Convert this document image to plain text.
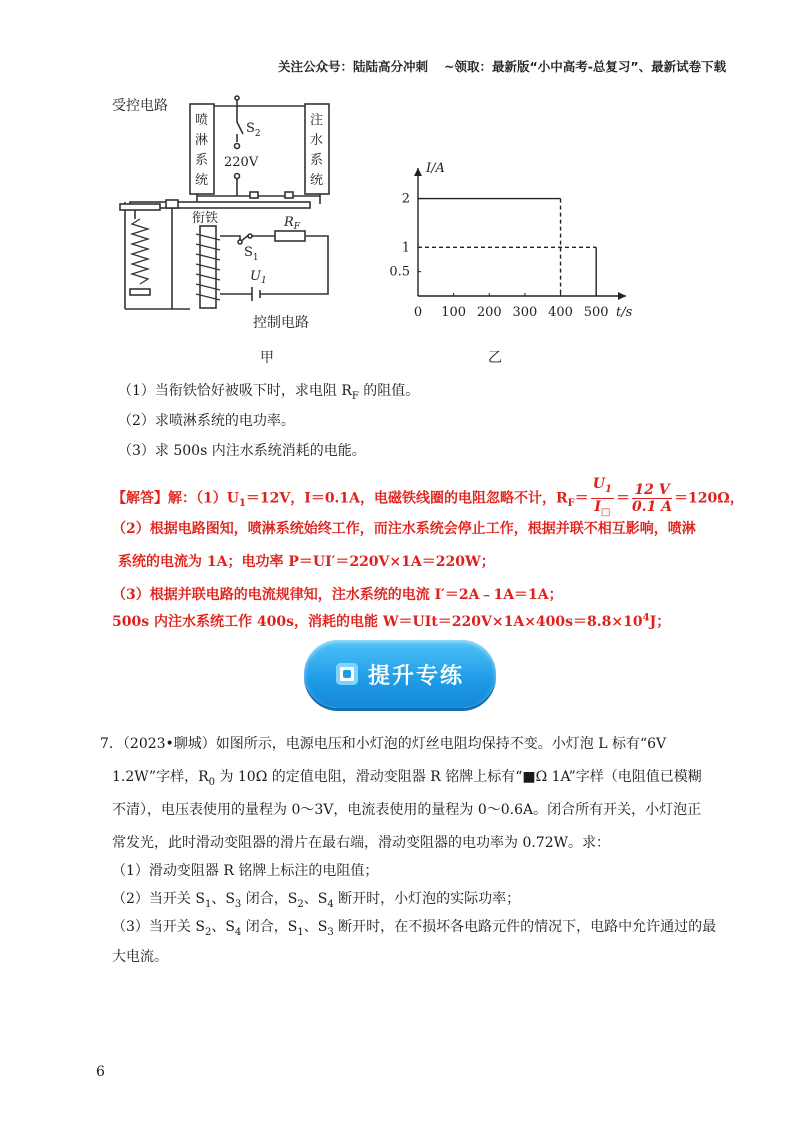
关注公众号：陆陆高分冲刺 ~领取：最新版“小中高考-总复习”、最新试卷下载
受控电路
喷
淋
系
统
注
水
系
统
$S_2$
220V
衔铁
$S_1$
$R_F$
$U_1$
控制电路
甲
I/A
t/s
0 100 200 300 400 500
0.5
1
2
乙
（1）当衔铁恰好被吸下时，求电阻 $R_F$ 的阻值。
（2）求喷淋系统的电功率。
（3）求 500s 内注水系统消耗的电能。
【解答】解：$(1)U_1=12V$，I＝0.1A，电磁铁线圈的电阻忽略不计，$R_F= \frac{U_1}{I_□} = \frac{12 V}{0.1 A} =120\Omega$，
（2）根据电路图知，喷淋系统始终工作，而注水系统会停止工作，根据并联不相互影响，喷淋
系统的电流为 1A；电功率 P＝UI′＝220V×1A＝220W；
（3）根据并联电路的电流规律知，注水系统的电流 I′＝2A﹣1A＝1A；
500s 内注水系统工作 400s，消耗的电能 $W=UIt=220V\times 1A\times 400s=8.8\times 10^4J$；
提升专练
7．（2023•聊城）如图所示，电源电压和小灯泡的灯丝电阻均保持不变。小灯泡 L 标有“6V
1.2W”字样，$R_0$ 为 10Ω 的定值电阻，滑动变阻器 R 铭牌上标有“■Ω 1A”字样（电阻值已模糊
不清），电压表使用的量程为 0～3V，电流表使用的量程为 0～0.6A。闭合所有开关，小灯泡正
常发光，此时滑动变阻器的滑片在最右端，滑动变阻器的电功率为 0.72W。求：
（1）滑动变阻器 R 铭牌上标注的电阻值；
（2）当开关 $S_1$、$S_3$ 闭合，$S_2$、$S_4$ 断开时，小灯泡的实际功率；
（3）当开关 $S_2$、$S_4$ 闭合，$S_1$、$S_3$ 断开时，在不损坏各电路元件的情况下，电路中允许通过的最
大电流。
6
